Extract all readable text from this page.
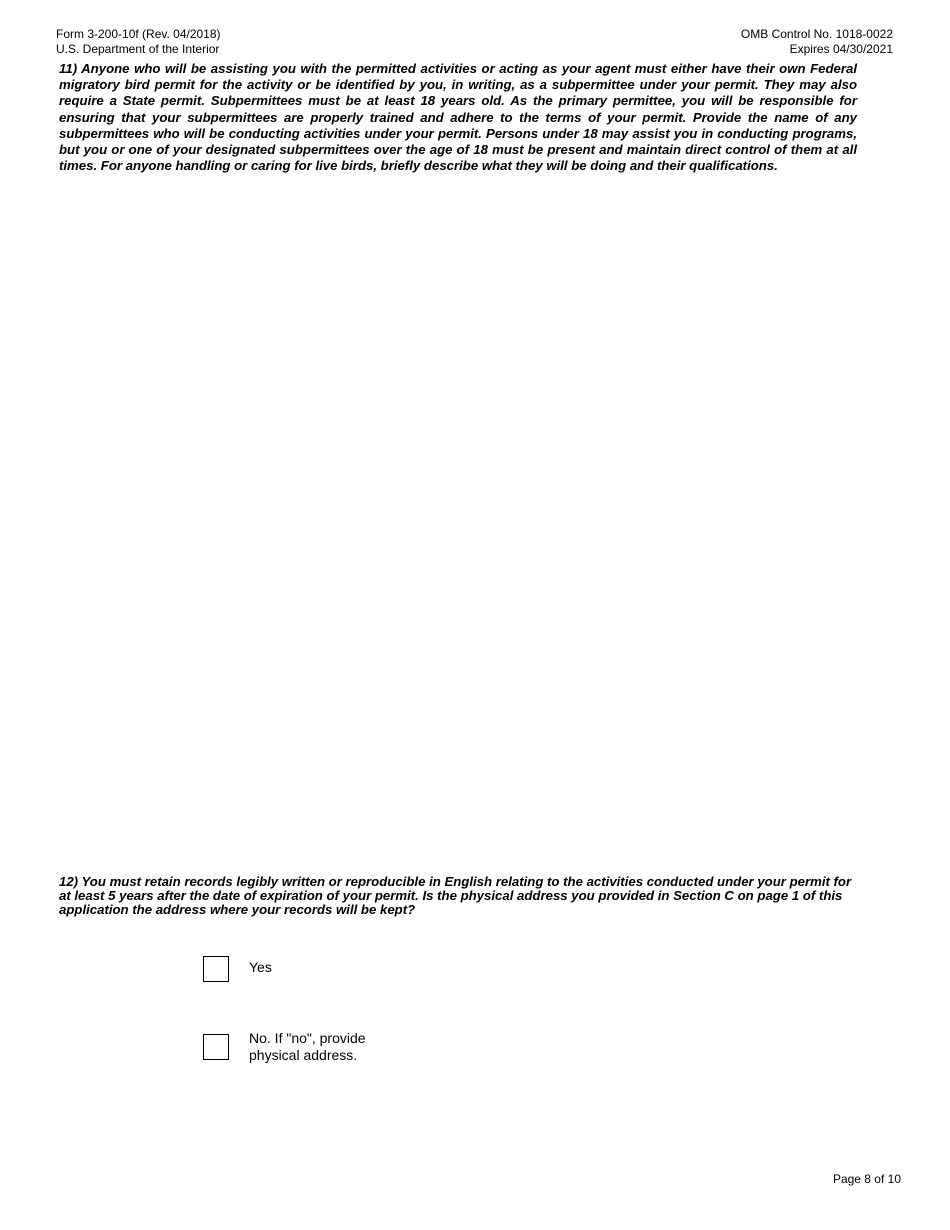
Form 3-200-10f (Rev. 04/2018)
U.S. Department of the Interior
OMB Control No. 1018-0022
Expires 04/30/2021
11) Anyone who will be assisting you with the permitted activities or acting as your agent must either have their own Federal migratory bird permit for the activity or be identified by you, in writing, as a subpermittee under your permit. They may also require a State permit. Subpermittees must be at least 18 years old. As the primary permittee, you will be responsible for ensuring that your subpermittees are properly trained and adhere to the terms of your permit. Provide the name of any subpermittees who will be conducting activities under your permit. Persons under 18 may assist you in conducting programs, but you or one of your designated subpermittees over the age of 18 must be present and maintain direct control of them at all times. For anyone handling or caring for live birds, briefly describe what they will be doing and their qualifications.
12) You must retain records legibly written or reproducible in English relating to the activities conducted under your permit for at least 5 years after the date of expiration of your permit. Is the physical address you provided in Section C on page 1 of this application the address where your records will be kept?
Yes
No. If "no", provide physical address.
Page 8 of 10
